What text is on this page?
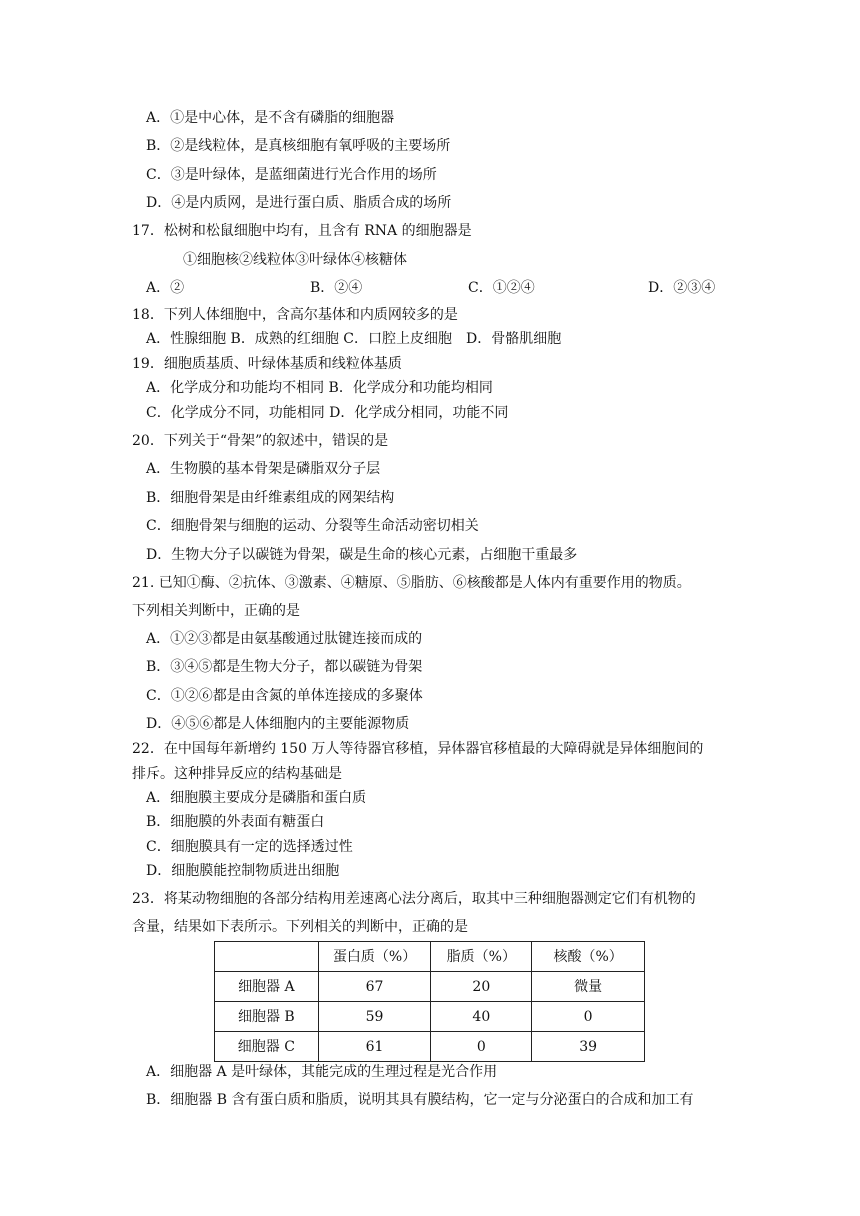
A．①是中心体，是不含有磷脂的细胞器
B．②是线粒体，是真核细胞有氧呼吸的主要场所
C．③是叶绿体，是蓝细菌进行光合作用的场所
D．④是内质网，是进行蛋白质、脂质合成的场所
17．松树和松鼠细胞中均有，且含有 RNA 的细胞器是
①细胞核②线粒体③叶绿体④核糖体
A．②	B．②④	C．①②④	D．②③④
18．下列人体细胞中，含高尔基体和内质网较多的是
A．性腺细胞 B．成熟的红细胞 C．口腔上皮细胞　D．骨骼肌细胞
19．细胞质基质、叶绿体基质和线粒体基质
A．化学成分和功能均不相同 B．化学成分和功能均相同
C．化学成分不同，功能相同 D．化学成分相同，功能不同
20．下列关于“骨架”的叙述中，错误的是
A．生物膜的基本骨架是磷脂双分子层
B．细胞骨架是由纤维素组成的网架结构
C．细胞骨架与细胞的运动、分裂等生命活动密切相关
D．生物大分子以碳链为骨架，碳是生命的核心元素，占细胞干重最多
21. 已知①酶、②抗体、③激素、④糖原、⑤脂肪、⑥核酸都是人体内有重要作用的物质。
下列相关判断中，正确的是
A．①②③都是由氨基酸通过肽键连接而成的
B．③④⑤都是生物大分子，都以碳链为骨架
C．①②⑥都是由含氮的单体连接成的多聚体
D．④⑤⑥都是人体细胞内的主要能源物质
22．在中国每年新增约 150 万人等待器官移植，异体器官移植最的大障碍就是异体细胞间的
排斥。这种排异反应的结构基础是
A．细胞膜主要成分是磷脂和蛋白质
B．细胞膜的外表面有糖蛋白
C．细胞膜具有一定的选择透过性
D．细胞膜能控制物质进出细胞
23．将某动物细胞的各部分结构用差速离心法分离后，取其中三种细胞器测定它们有机物的
含量，结果如下表所示。下列相关的判断中，正确的是
	蛋白质（%）	脂质（%）	核酸（%）
细胞器 A	67	20	微量
细胞器 B	59	40	0
细胞器 C	61	0	39
A．细胞器 A 是叶绿体，其能完成的生理过程是光合作用
B．细胞器 B 含有蛋白质和脂质，说明其具有膜结构，它一定与分泌蛋白的合成和加工有
